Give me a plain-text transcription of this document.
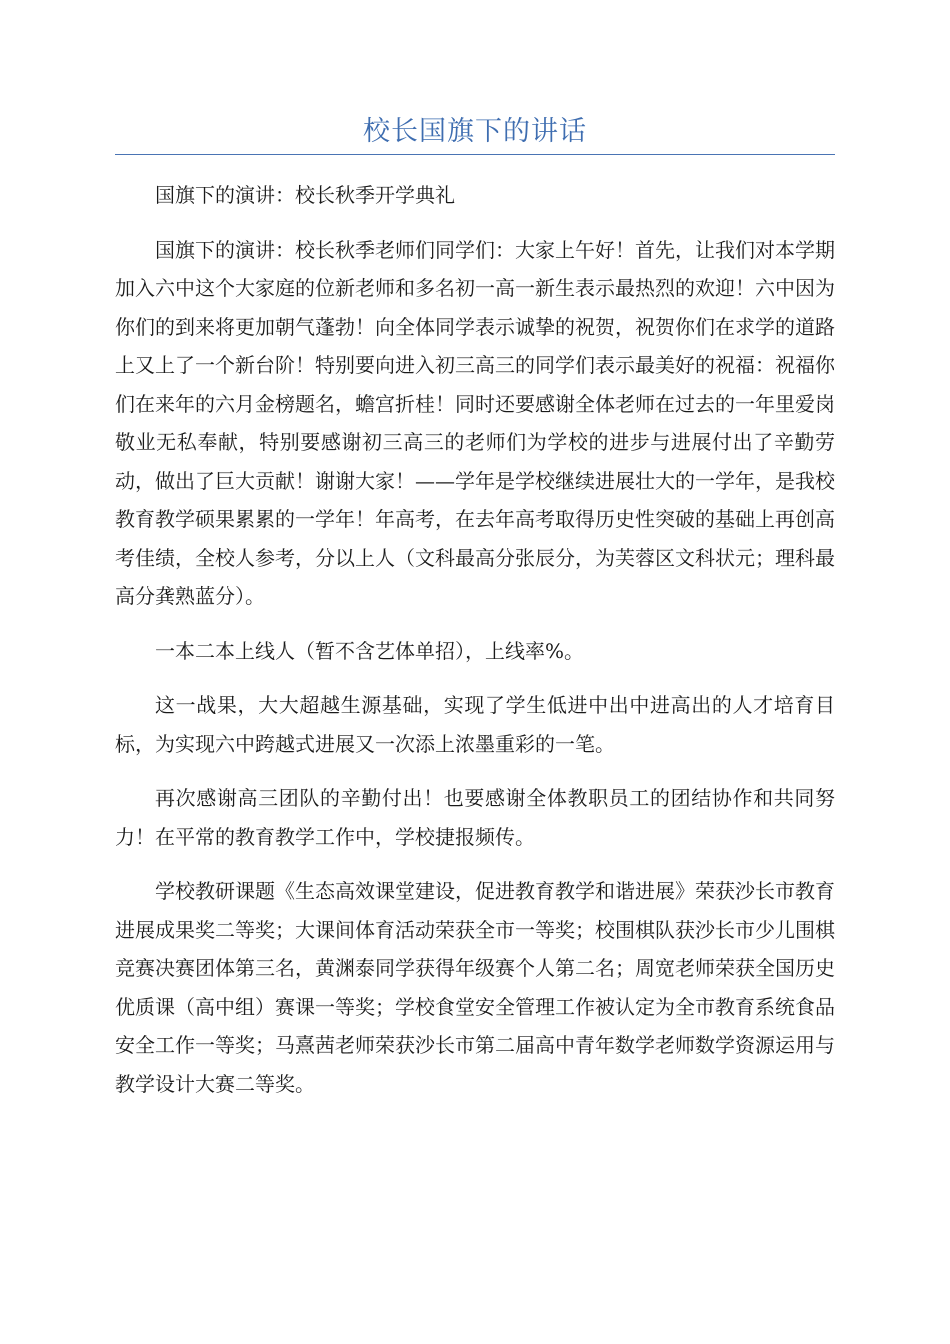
校长国旗下的讲话

国旗下的演讲：校长秋季开学典礼

国旗下的演讲：校长秋季老师们同学们：大家上午好！首先，让我们对本学期加入六中这个大家庭的位新老师和多名初一高一新生表示最热烈的欢迎！六中因为你们的到来将更加朝气蓬勃！向全体同学表示诚挚的祝贺，祝贺你们在求学的道路上又上了一个新台阶！特别要向进入初三高三的同学们表示最美好的祝福：祝福你们在来年的六月金榜题名，蟾宫折桂！同时还要感谢全体老师在过去的一年里爱岗敬业无私奉献，特别要感谢初三高三的老师们为学校的进步与进展付出了辛勤劳动，做出了巨大贡献！谢谢大家！——学年是学校继续进展壮大的一学年，是我校教育教学硕果累累的一学年！年高考，在去年高考取得历史性突破的基础上再创高考佳绩，全校人参考，分以上人（文科最高分张辰分，为芙蓉区文科状元；理科最高分龚熟蓝分）。

一本二本上线人（暂不含艺体单招），上线率%。

这一战果，大大超越生源基础，实现了学生低进中出中进高出的人才培育目标，为实现六中跨越式进展又一次添上浓墨重彩的一笔。

再次感谢高三团队的辛勤付出！也要感谢全体教职员工的团结协作和共同努力！在平常的教育教学工作中，学校捷报频传。

学校教研课题《生态高效课堂建设，促进教育教学和谐进展》荣获沙长市教育进展成果奖二等奖；大课间体育活动荣获全市一等奖；校围棋队获沙长市少儿围棋竞赛决赛团体第三名，黄渊泰同学获得年级赛个人第二名；周宽老师荣获全国历史优质课（高中组）赛课一等奖；学校食堂安全管理工作被认定为全市教育系统食品安全工作一等奖；马熹茜老师荣获沙长市第二届高中青年数学老师数学资源运用与教学设计大赛二等奖。
